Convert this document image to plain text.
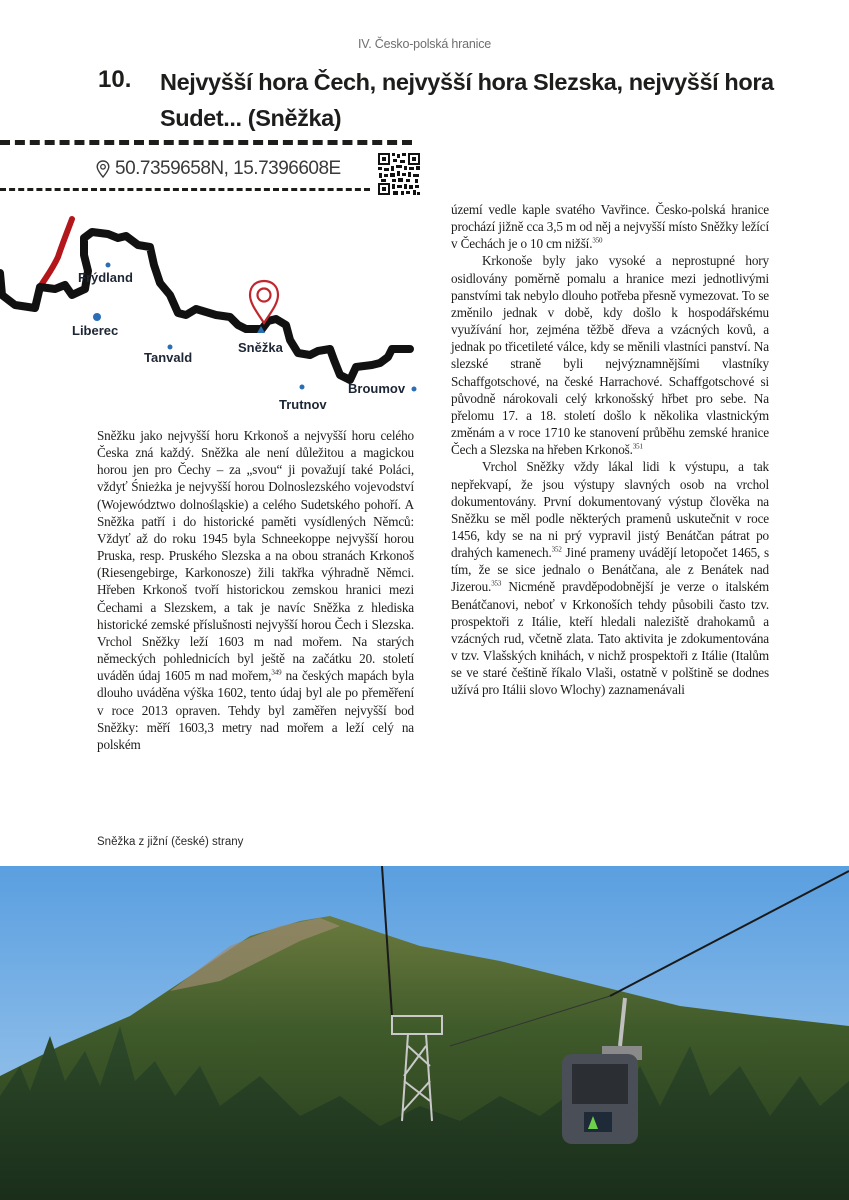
IV. Česko-polská hranice
10. Nejvyšší hora Čech, nejvyšší hora Slezska, nejvyšší hora Sudet... (Sněžka)
50.7359658N, 15.7396608E
Frýdland
Liberec
Tanvald
Sněžka
Trutnov
Broumov

Sněžku jako nejvyšší horu Krkonoš a nejvyšší horu celého Česka zná každý. Sněžka ale není důležitou a magickou horou jen pro Čechy – za „svou“ ji považují také Poláci, vždyť Śnieżka je nejvyšší horou Dolnoslezského vojevodství (Województwo dolnośląskie) a celého Sudetského pohoří. A Sněžka patří i do historické paměti vysídlených Němců: Vždyť až do roku 1945 byla Schneekoppe nejvyšší horou Pruska, resp. Pruského Slezska a na obou stranách Krkonoš (Riesengebirge, Karkonosze) žili takřka výhradně Němci. Hřeben Krkonoš tvoří historickou zemskou hranici mezi Čechami a Slezskem, a tak je navíc Sněžka z hlediska historické zemské příslušnosti nejvyšší horou Čech i Slezska. Vrchol Sněžky leží 1603 m nad mořem. Na starých německých pohlednicích byl ještě na začátku 20. století uváděn údaj 1605 m nad mořem,$^{349}$ na českých mapách byla dlouho uváděna výška 1602, tento údaj byl ale po přeměření v roce 2013 opraven. Tehdy byl zaměřen nejvyšší bod Sněžky: měří 1603,3 metry nad mořem a leží celý na polském

území vedle kaple svatého Vavřince. Česko-polská hranice prochází jižně cca 3,5 m od něj a nejvyšší místo Sněžky ležící v Čechách je o 10 cm nižší.$^{350}$

Krkonoše byly jako vysoké a neprostupné hory osidlovány poměrně pomalu a hranice mezi jednotlivými panstvími tak nebylo dlouho potřeba přesně vymezovat. To se změnilo jednak v době, kdy došlo k hospodářskému využívání hor, zejména těžbě dřeva a vzácných kovů, a jednak po třicetileté válce, kdy se měnili vlastníci panství. Na slezské straně byli nejvýznamnějšími vlastníky Schaffgotschové, na české Harrachové. Schaffgotschové si původně nárokovali celý krkonošský hřbet pro sebe. Na přelomu 17. a 18. století došlo k několika vlastnickým změnám a v roce 1710 ke stanovení průběhu zemské hranice Čech a Slezska na hřeben Krkonoš.$^{351}$

Vrchol Sněžky vždy lákal lidi k výstupu, a tak nepřekvapí, že jsou výstupy slavných osob na vrchol dokumentovány. První dokumentovaný výstup člověka na Sněžku se měl podle některých pramenů uskutečnit v roce 1456, kdy se na ni prý vypravil jistý Benátčan pátrat po drahých kamenech.$^{352}$ Jiné prameny uvádějí letopočet 1465, s tím, že se sice jednalo o Benátčana, ale z Benátek nad Jizerou.$^{353}$ Nicméně pravděpodobnější je verze o italském Benátčanovi, neboť v Krkonoších tehdy působili často tzv. prospektoři z Itálie, kteří hledali naleziště drahokamů a vzácných rud, včetně zlata. Tato aktivita je zdokumentována v tzv. Vlašských knihách, v nichž prospektoři z Itálie (Italům se ve staré češtině říkalo Vlaši, ostatně v polštině se dodnes užívá pro Itálii slovo Wlochy) zaznamenávali

Sněžka z jižní (české) strany
